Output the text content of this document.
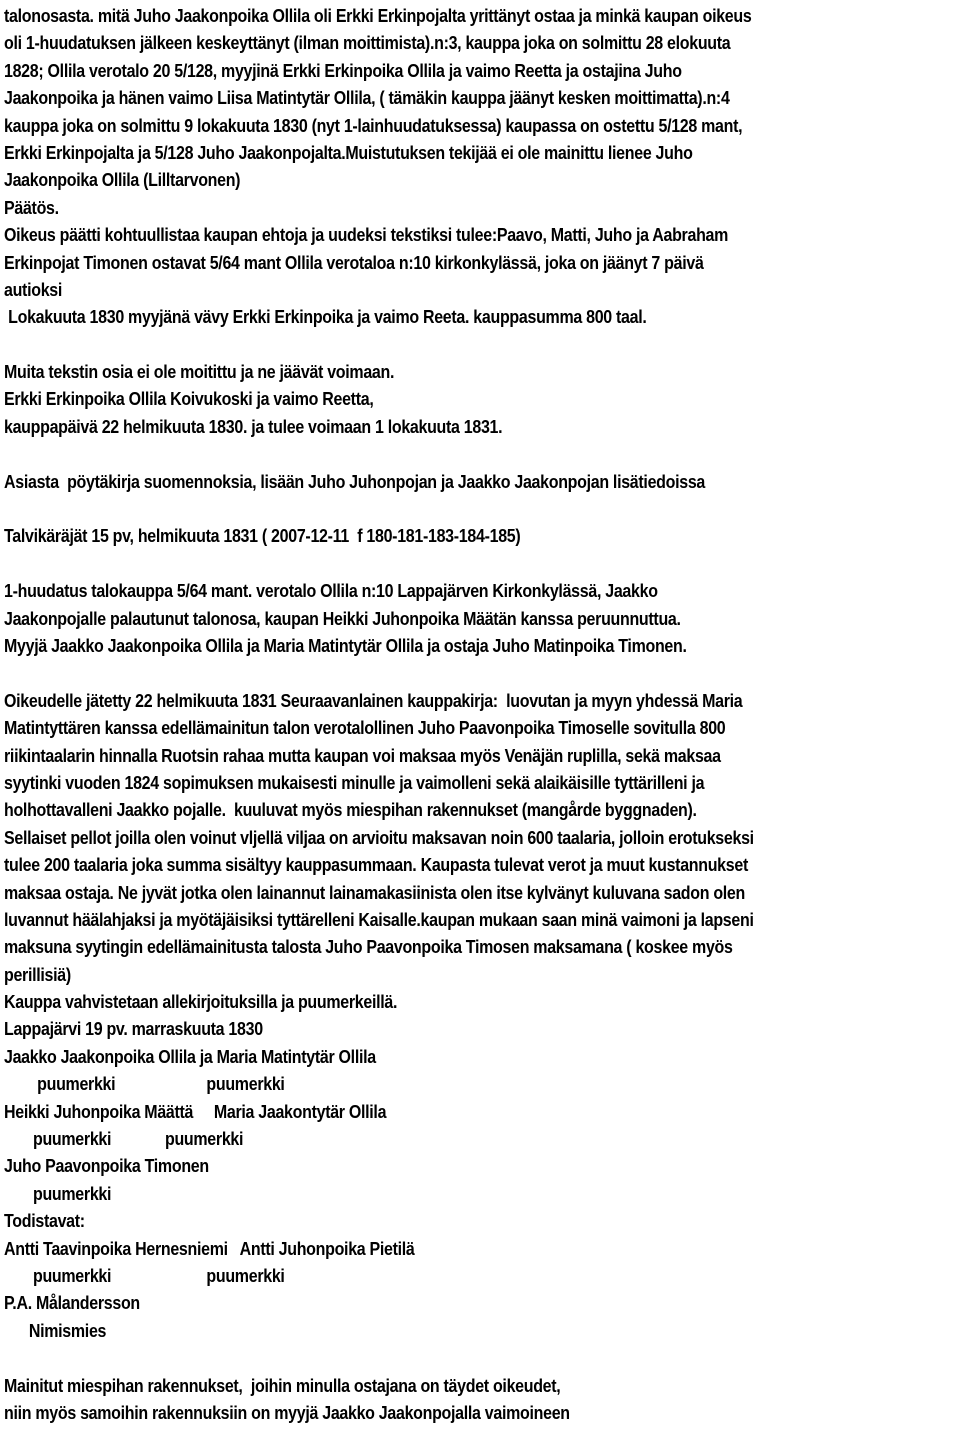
talonosasta. mitä Juho Jaakonpoika Ollila oli Erkki Erkinpojalta yrittänyt ostaa ja minkä kaupan oikeus
oli 1-huudatuksen jälkeen keskeyttänyt (ilman moittimista).n:3, kauppa joka on solmittu 28 elokuuta
1828; Ollila verotalo 20 5/128, myyjinä Erkki Erkinpoika Ollila ja vaimo Reetta ja ostajina Juho
Jaakonpoika ja hänen vaimo Liisa Matintytär Ollila, ( tämäkin kauppa jäänyt kesken moittimatta).n:4
kauppa joka on solmittu 9 lokakuuta 1830 (nyt 1-lainhuudatuksessa) kaupassa on ostettu 5/128 mant,
Erkki Erkinpojalta ja 5/128 Juho Jaakonpojalta.Muistutuksen tekijää ei ole mainittu lienee Juho
Jaakonpoika Ollila (Lilltarvonen)
Päätös.
Oikeus päätti kohtuullistaa kaupan ehtoja ja uudeksi tekstiksi tulee:Paavo, Matti, Juho ja Aabraham
Erkinpojat Timonen ostavat 5/64 mant Ollila verotaloa n:10 kirkonkylässä, joka on jäänyt 7 päivä
autioksi
Lokakuuta 1830 myyjänä vävy Erkki Erkinpoika ja vaimo Reeta. kauppasumma 800 taal.
Muita tekstin osia ei ole moitittu ja ne jäävät voimaan.
Erkki Erkinpoika Ollila Koivukoski ja vaimo Reetta,
kauppapäivä 22 helmikuuta 1830. ja tulee voimaan 1 lokakuuta 1831.
Asiasta  pöytäkirja suomennoksia, lisään Juho Juhonpojan ja Jaakko Jaakonpojan lisätiedoissa
Talvikäräjät 15 pv, helmikuuta 1831 ( 2007-12-11  f 180-181-183-184-185)
1-huudatus talokauppa 5/64 mant. verotalo Ollila n:10 Lappajärven Kirkonkylässä, Jaakko
Jaakonpojalle palautunut talonosa, kaupan Heikki Juhonpoika Määtän kanssa peruunnuttua.
Myyjä Jaakko Jaakonpoika Ollila ja Maria Matintytär Ollila ja ostaja Juho Matinpoika Timonen.
Oikeudelle jätetty 22 helmikuuta 1831 Seuraavanlainen kauppakirja:  luovutan ja myyn yhdessä Maria
Matintyttären kanssa edellämainitun talon verotalollinen Juho Paavonpoika Timoselle sovitulla 800
riikintaalarin hinnalla Ruotsin rahaa mutta kaupan voi maksaa myös Venäjän ruplilla, sekä maksaa
syytinki vuoden 1824 sopimuksen mukaisesti minulle ja vaimolleni sekä alaikäisille tyttärilleni ja
holhottavalleni Jaakko pojalle.  kuuluvat myös miespihan rakennukset (mangårde byggnaden).
Sellaiset pellot joilla olen voinut vljellä viljaa on arvioitu maksavan noin 600 taalaria, jolloin erotukseksi
tulee 200 taalaria joka summa sisältyy kauppasummaan. Kaupasta tulevat verot ja muut kustannukset
maksaa ostaja. Ne jyvät jotka olen lainannut lainamakasiinista olen itse kylvänyt kuluvana sadon olen
luvannut häälahjaksi ja myötäjäisiksi tyttärelleni Kaisalle.kaupan mukaan saan minä vaimoni ja lapseni
maksuna syytingin edellämainitusta talosta Juho Paavonpoika Timosen maksamana ( koskee myös
perillisiä)
Kauppa vahvistetaan allekirjoituksilla ja puumerkeillä.
Lappajärvi 19 pv. marraskuuta 1830
Jaakko Jaakonpoika Ollila ja Maria Matintytär Ollila
puumerkki                      puumerkki
Heikki Juhonpoika Määttä     Maria Jaakontytär Ollila
puumerkki             puumerkki
Juho Paavonpoika Timonen
puumerkki
Todistavat:
Antti Taavinpoika Hernesniemi   Antti Juhonpoika Pietilä
puumerkki                       puumerkki
P.A. Målandersson
Nimismies
Mainitut miespihan rakennukset,  joihin minulla ostajana on täydet oikeudet,
niin myös samoihin rakennuksiin on myyjä Jaakko Jaakonpojalla vaimoineen
